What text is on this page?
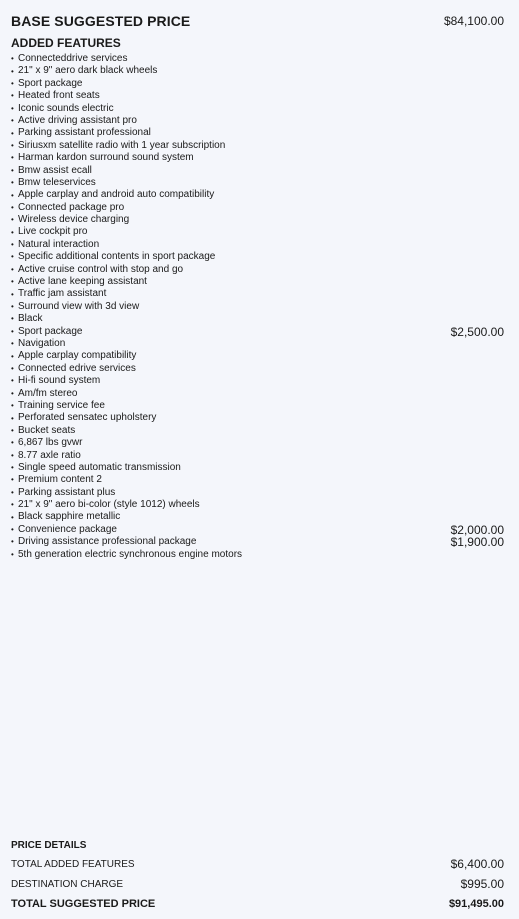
BASE SUGGESTED PRICE	$84,100.00
ADDED FEATURES
• Connecteddrive services
• 21" x 9" aero dark black wheels
• Sport package
• Heated front seats
• Iconic sounds electric
• Active driving assistant pro
• Parking assistant professional
• Siriusxm satellite radio with 1 year subscription
• Harman kardon surround sound system
• Bmw assist ecall
• Bmw teleservices
• Apple carplay and android auto compatibility
• Connected package pro
• Wireless device charging
• Live cockpit pro
• Natural interaction
• Specific additional contents in sport package
• Active cruise control with stop and go
• Active lane keeping assistant
• Traffic jam assistant
• Surround view with 3d view
• Black
• Sport package	$2,500.00
• Navigation
• Apple carplay compatibility
• Connected edrive services
• Hi-fi sound system
• Am/fm stereo
• Training service fee
• Perforated sensatec upholstery
• Bucket seats
• 6,867 lbs gvwr
• 8.77 axle ratio
• Single speed automatic transmission
• Premium content 2
• Parking assistant plus
• 21" x 9" aero bi-color (style 1012) wheels
• Black sapphire metallic
• Convenience package	$2,000.00
• Driving assistance professional package	$1,900.00
• 5th generation electric synchronous engine motors
PRICE DETAILS
TOTAL ADDED FEATURES	$6,400.00
DESTINATION CHARGE	$995.00
TOTAL SUGGESTED PRICE	$91,495.00
